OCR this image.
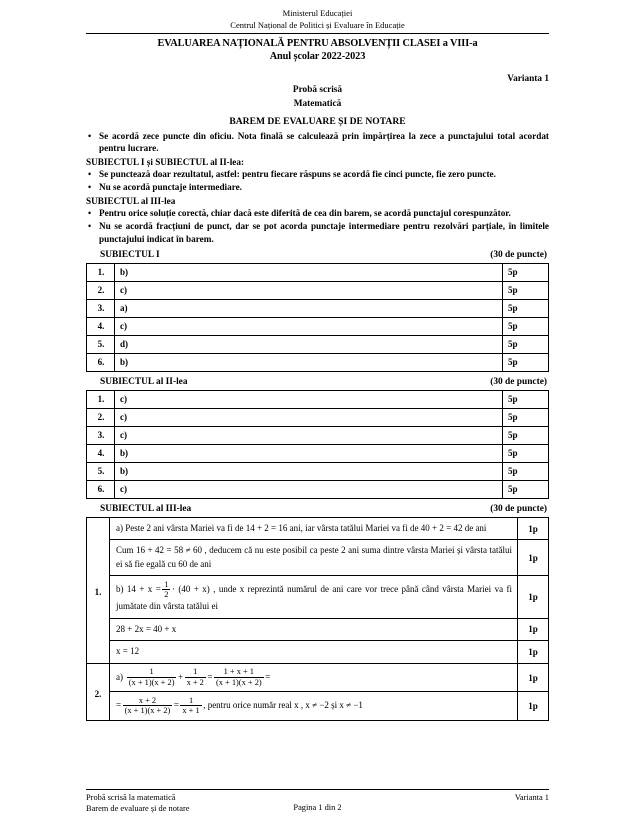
Ministerul Educației
Centrul Național de Politici și Evaluare în Educație
EVALUAREA NAȚIONALĂ PENTRU ABSOLVENȚII CLASEI a VIII-a
Anul școlar 2022-2023
Varianta 1
Probă scrisă
Matematică
BAREM DE EVALUARE ȘI DE NOTARE
• Se acordă zece puncte din oficiu. Nota finală se calculează prin împărțirea la zece a punctajului total acordat pentru lucrare.
SUBIECTUL I și SUBIECTUL al II-lea:
• Se punctează doar rezultatul, astfel: pentru fiecare răspuns se acordă fie cinci puncte, fie zero puncte.
• Nu se acordă punctaje intermediare.
SUBIECTUL al III-lea
• Pentru orice soluție corectă, chiar dacă este diferită de cea din barem, se acordă punctajul corespunzător.
• Nu se acordă fracțiuni de punct, dar se pot acorda punctaje intermediare pentru rezolvări parțiale, în limitele punctajului indicat în barem.
SUBIECTUL I	(30 de puncte)
1.	b)	5p
2.	c)	5p
3.	a)	5p
4.	c)	5p
5.	d)	5p
6.	b)	5p
SUBIECTUL al II-lea	(30 de puncte)
1.	c)	5p
2.	c)	5p
3.	c)	5p
4.	b)	5p
5.	b)	5p
6.	c)	5p
SUBIECTUL al III-lea	(30 de puncte)
1.	a) Peste 2 ani vârsta Mariei va fi de 14 + 2 = 16 ani, iar vârsta tatălui Mariei va fi de 40 + 2 = 42 de ani	1p
	Cum 16 + 42 = 58 ≠ 60 , deducem că nu este posibil ca peste 2 ani suma dintre vârsta Mariei și vârsta tatălui ei să fie egală cu 60 de ani	1p
	b) $14 + x = \frac{1}{2} \cdot (40 + x)$ , unde x reprezintă numărul de ani care vor trece până când vârsta Mariei va fi jumătate din vârsta tatălui ei	1p
	28 + 2x = 40 + x	1p
	x = 12	1p
2.	$a) \frac{1}{(x + 1)(x + 2)} + \frac{1}{x + 2} = \frac{1 + x + 1}{(x + 1)(x + 2)}$ =	1p
= $\frac{x + 2}{(x + 1)(x + 2)} = \frac{1}{x + 1}$ , pentru orice număr real x , x ≠ −2 și x ≠ −1	1p
Probă scrisă la matematică
Barem de evaluare și de notare
Varianta 1
Pagina 1 din 2
